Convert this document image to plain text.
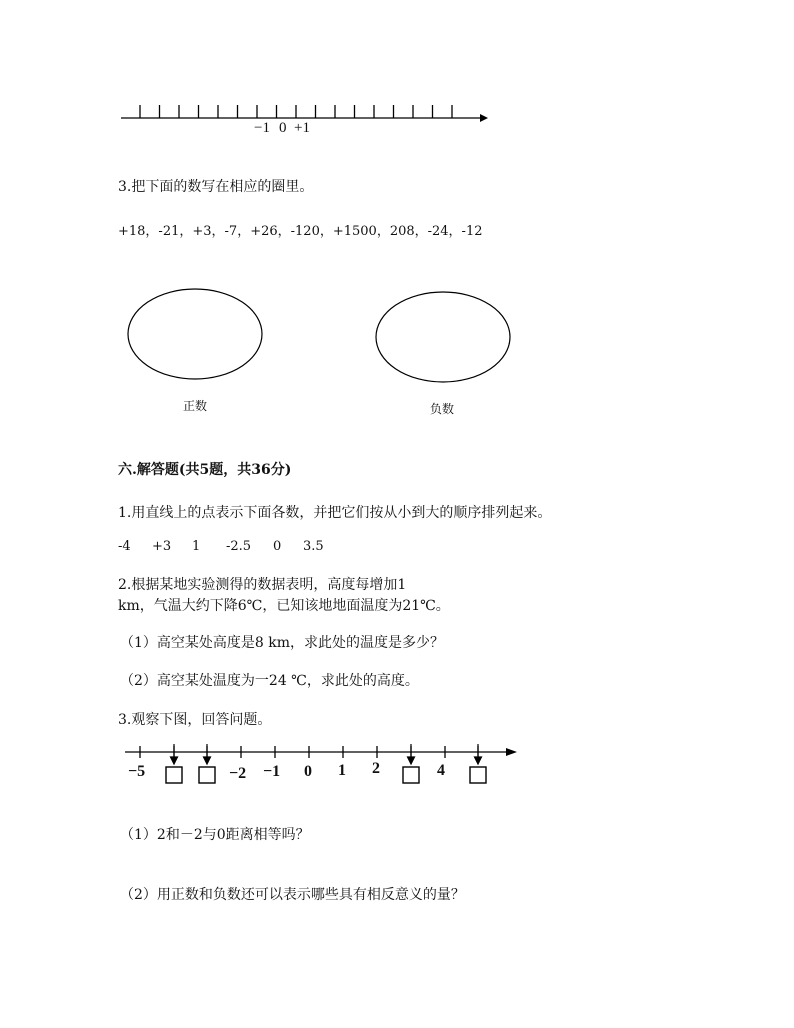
−1 0 +1
3.把下面的数写在相应的圈里。
+18，-21，+3，-7，+26，-120，+1500，208，-24，-12
正数	负数
六.解答题(共5题，共36分)
1.用直线上的点表示下面各数，并把它们按从小到大的顺序排列起来。
-4 +3 1 -2.5 0 3.5
2.根据某地实验测得的数据表明，高度每增加1
km，气温大约下降6℃，已知该地地面温度为21℃。
（1）高空某处高度是8 km，求此处的温度是多少？
（2）高空某处温度为一24 ℃，求此处的高度。
3.观察下图，回答问题。
−5	−2 −1 0 1 2	4
（1）2和－2与0距离相等吗？
（2）用正数和负数还可以表示哪些具有相反意义的量？
